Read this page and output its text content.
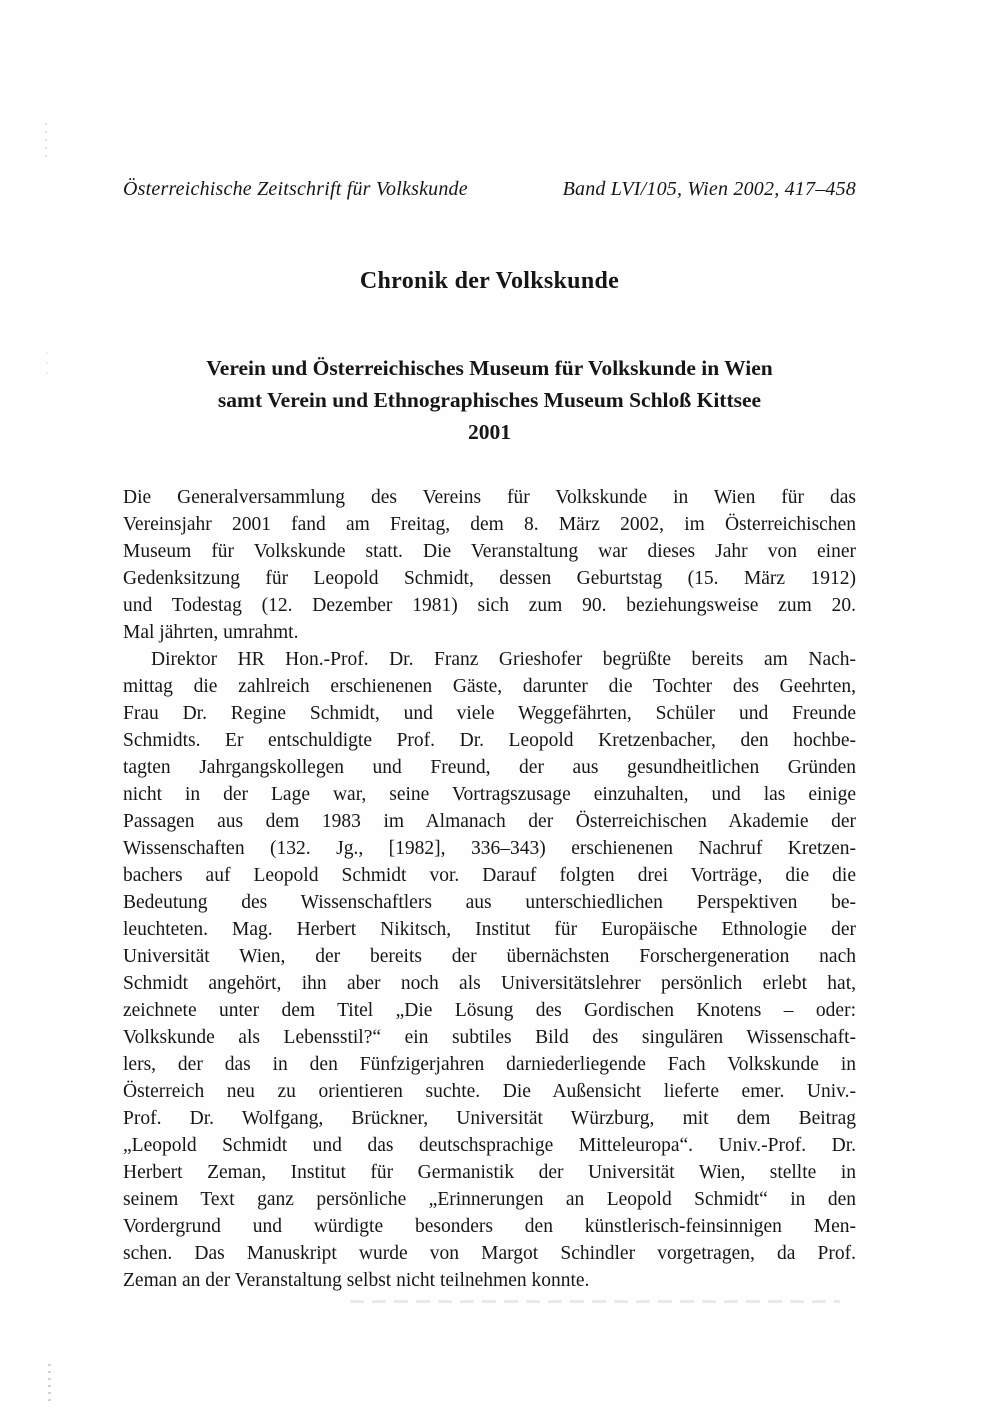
Österreichische Zeitschrift für Volkskunde	Band LVI/105, Wien 2002, 417–458
Chronik der Volkskunde
Verein und Österreichisches Museum für Volkskunde in Wien
samt Verein und Ethnographisches Museum Schloß Kittsee
2001
Die Generalversammlung des Vereins für Volkskunde in Wien für das
Vereinsjahr 2001 fand am Freitag, dem 8. März 2002, im Österreichischen
Museum für Volkskunde statt. Die Veranstaltung war dieses Jahr von einer
Gedenksitzung für Leopold Schmidt, dessen Geburtstag (15. März 1912)
und Todestag (12. Dezember 1981) sich zum 90. beziehungsweise zum 20.
Mal jährten, umrahmt.
Direktor HR Hon.-Prof. Dr. Franz Grieshofer begrüßte bereits am Nach-
mittag die zahlreich erschienenen Gäste, darunter die Tochter des Geehrten,
Frau Dr. Regine Schmidt, und viele Weggefährten, Schüler und Freunde
Schmidts. Er entschuldigte Prof. Dr. Leopold Kretzenbacher, den hochbe-
tagten Jahrgangskollegen und Freund, der aus gesundheitlichen Gründen
nicht in der Lage war, seine Vortragszusage einzuhalten, und las einige
Passagen aus dem 1983 im Almanach der Österreichischen Akademie der
Wissenschaften (132. Jg., [1982], 336–343) erschienenen Nachruf Kretzen-
bachers auf Leopold Schmidt vor. Darauf folgten drei Vorträge, die die
Bedeutung des Wissenschaftlers aus unterschiedlichen Perspektiven be-
leuchteten. Mag. Herbert Nikitsch, Institut für Europäische Ethnologie der
Universität Wien, der bereits der übernächsten Forschergeneration nach
Schmidt angehört, ihn aber noch als Universitätslehrer persönlich erlebt hat,
zeichnete unter dem Titel „Die Lösung des Gordischen Knotens – oder:
Volkskunde als Lebensstil?“ ein subtiles Bild des singulären Wissenschaft-
lers, der das in den Fünfzigerjahren darniederliegende Fach Volkskunde in
Österreich neu zu orientieren suchte. Die Außensicht lieferte emer. Univ.-
Prof. Dr. Wolfgang, Brückner, Universität Würzburg, mit dem Beitrag
„Leopold Schmidt und das deutschsprachige Mitteleuropa“. Univ.-Prof. Dr.
Herbert Zeman, Institut für Germanistik der Universität Wien, stellte in
seinem Text ganz persönliche „Erinnerungen an Leopold Schmidt“ in den
Vordergrund und würdigte besonders den künstlerisch-feinsinnigen Men-
schen. Das Manuskript wurde von Margot Schindler vorgetragen, da Prof.
Zeman an der Veranstaltung selbst nicht teilnehmen konnte.
